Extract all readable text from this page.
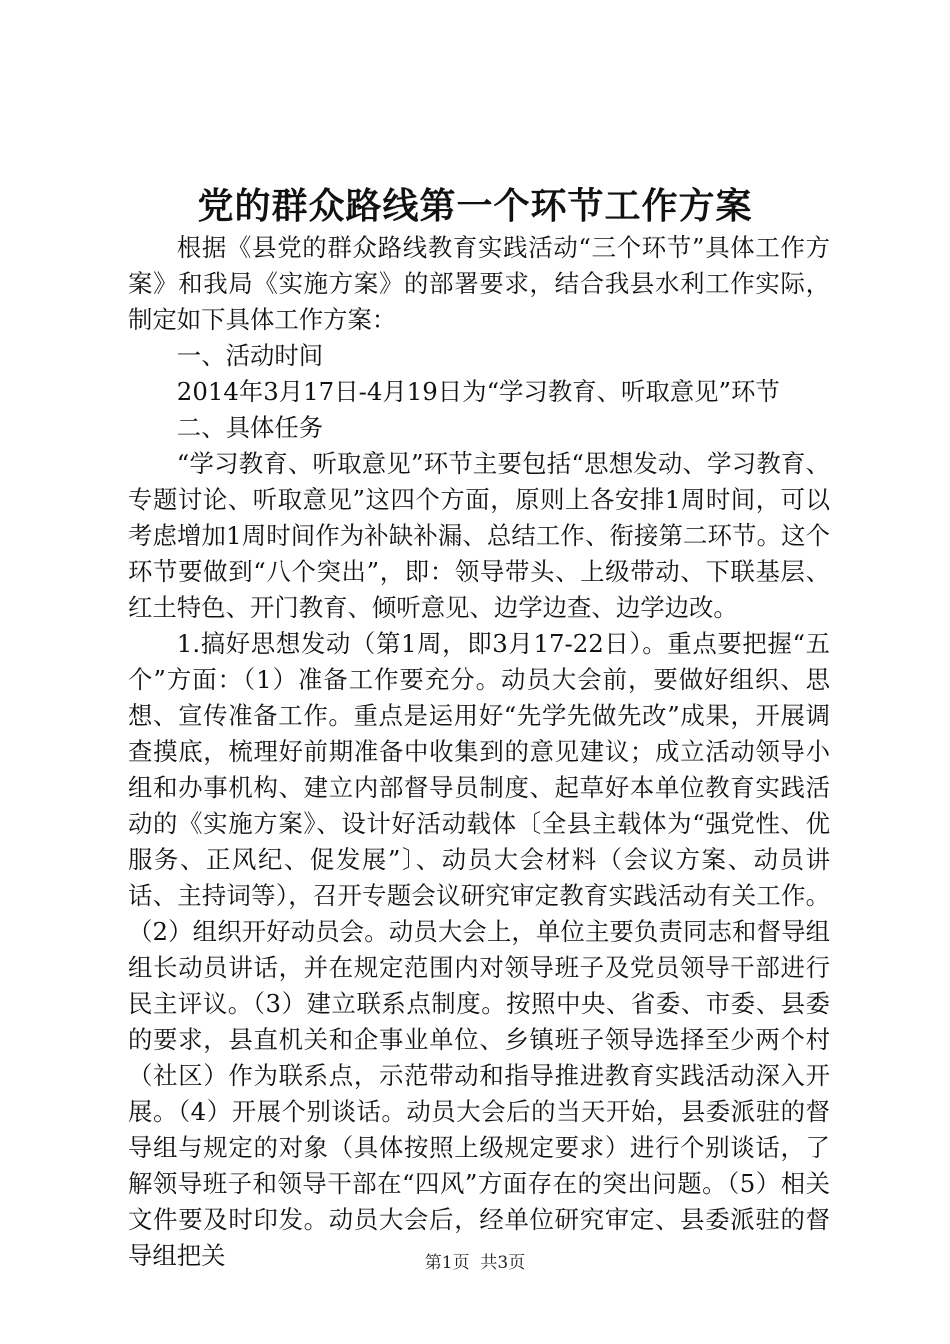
党的群众路线第一个环节工作方案

根据《县党的群众路线教育实践活动“三个环节”具体工作方案》和我局《实施方案》的部署要求，结合我县水利工作实际，制定如下具体工作方案：

一、活动时间

2014年3月17日-4月19日为“学习教育、听取意见”环节

二、具体任务

“学习教育、听取意见”环节主要包括“思想发动、学习教育、专题讨论、听取意见”这四个方面，原则上各安排1周时间，可以考虑增加1周时间作为补缺补漏、总结工作、衔接第二环节。这个环节要做到“八个突出”，即：领导带头、上级带动、下联基层、红土特色、开门教育、倾听意见、边学边查、边学边改。

1.搞好思想发动（第1周，即3月17-22日）。重点要把握“五个”方面：（1）准备工作要充分。动员大会前，要做好组织、思想、宣传准备工作。重点是运用好“先学先做先改”成果，开展调查摸底，梳理好前期准备中收集到的意见建议；成立活动领导小组和办事机构、建立内部督导员制度、起草好本单位教育实践活动的《实施方案》、设计好活动载体〔全县主载体为“强党性、优服务、正风纪、促发展”〕、动员大会材料（会议方案、动员讲话、主持词等），召开专题会议研究审定教育实践活动有关工作。（2）组织开好动员会。动员大会上，单位主要负责同志和督导组组长动员讲话，并在规定范围内对领导班子及党员领导干部进行民主评议。（3）建立联系点制度。按照中央、省委、市委、县委的要求，县直机关和企事业单位、乡镇班子领导选择至少两个村（社区）作为联系点，示范带动和指导推进教育实践活动深入开展。（4）开展个别谈话。动员大会后的当天开始，县委派驻的督导组与规定的对象（具体按照上级规定要求）进行个别谈话，了解领导班子和领导干部在“四风”方面存在的突出问题。（5）相关文件要及时印发。动员大会后，经单位研究审定、县委派驻的督导组把关	第1页 共3页
